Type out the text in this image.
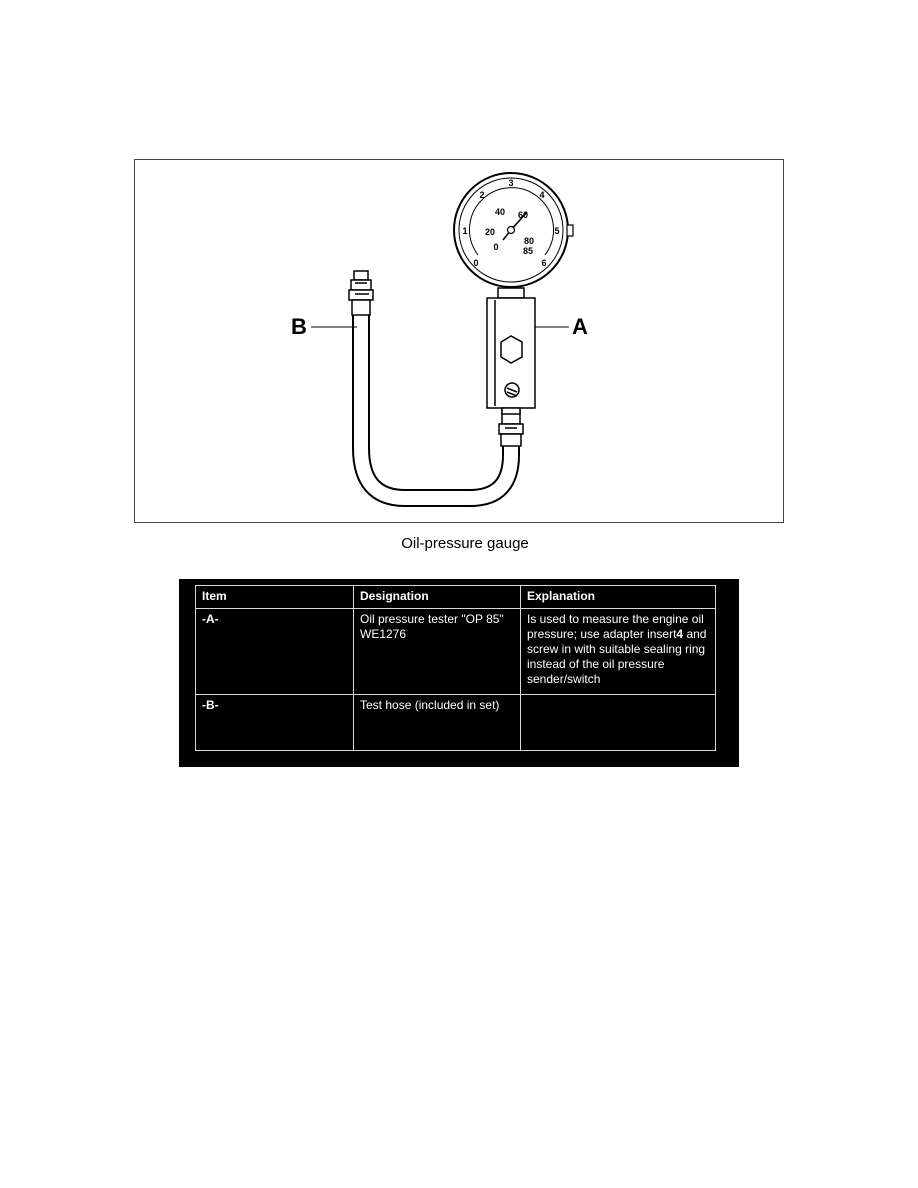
0
1
2
3
4
5
6
0
20
40 60
80
85
B	A
Oil-pressure gauge
Item	Designation	Explanation
-A-	Oil pressure tester "OP 85" WE1276	Is used to measure the engine oil pressure; use adapter insert4 and screw in with suitable sealing ring instead of the oil pressure sender/switch
-B-	Test hose (included in set)	
